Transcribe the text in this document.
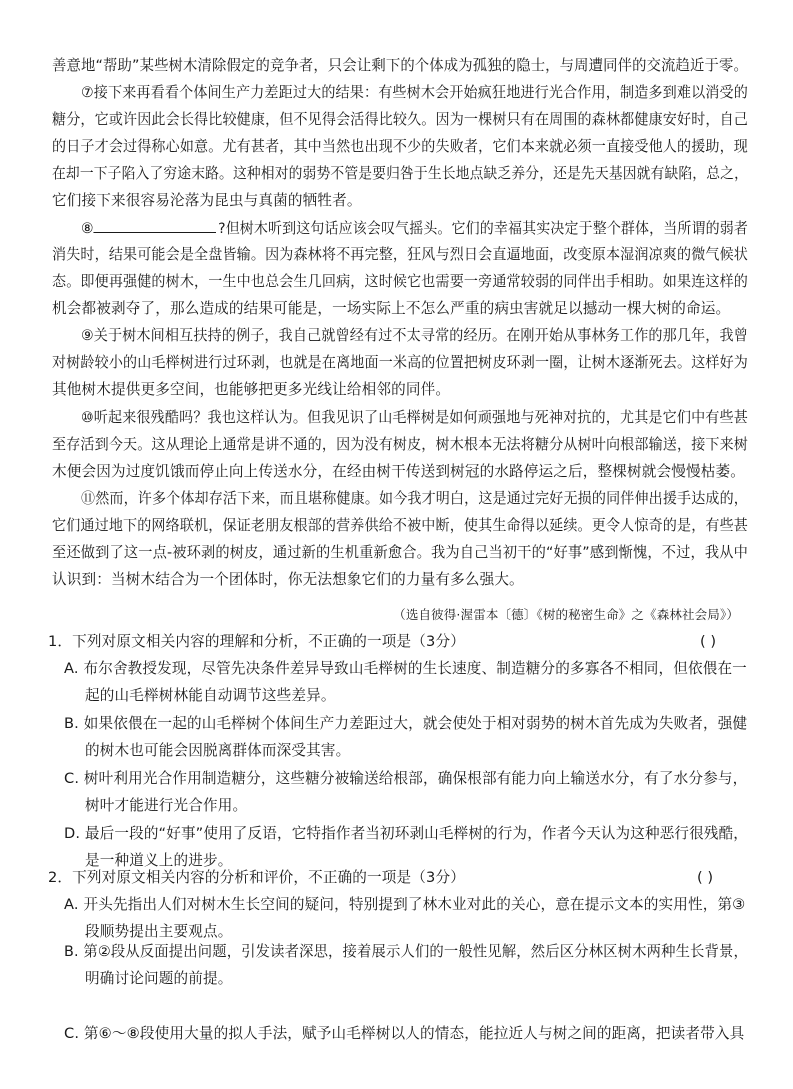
善意地“帮助”某些树木清除假定的竞争者，只会让剩下的个体成为孤独的隐士，与周遭同伴的交流趋近于零。
⑦接下来再看看个体间生产力差距过大的结果：有些树木会开始疯狂地进行光合作用，制造多到难以消受的
糖分，它或许因此会长得比较健康，但不见得会活得比较久。因为一棵树只有在周围的森林都健康安好时，自己
的日子才会过得称心如意。尤有甚者，其中当然也出现不少的失败者，它们本来就必须一直接受他人的援助，现
在却一下子陷入了穷途末路。这种相对的弱势不管是要归咎于生长地点缺乏养分，还是先天基因就有缺陷，总之，
它们接下来很容易沦落为昆虫与真菌的牺牲者。
⑧	?但树木听到这句话应该会叹气摇头。它们的幸福其实决定于整个群体，当所谓的弱者
消失时，结果可能会是全盘皆输。因为森林将不再完整，狂风与烈日会直逼地面，改变原本湿润凉爽的微气候状
态。即便再强健的树木，一生中也总会生几回病，这时候它也需要一旁通常较弱的同伴出手相助。如果连这样的
机会都被剥夺了，那么造成的结果可能是，一场实际上不怎么严重的病虫害就足以撼动一棵大树的命运。
⑨关于树木间相互扶持的例子，我自己就曾经有过不太寻常的经历。在刚开始从事林务工作的那几年，我曾
对树龄较小的山毛榉树进行过环剥，也就是在离地面一米高的位置把树皮环剥一圈，让树木逐渐死去。这样好为
其他树木提供更多空间，也能够把更多光线让给相邻的同伴。
⑩听起来很残酷吗？我也这样认为。但我见识了山毛榉树是如何顽强地与死神对抗的，尤其是它们中有些甚
至存活到今天。这从理论上通常是讲不通的，因为没有树皮，树木根本无法将糖分从树叶向根部输送，接下来树
木便会因为过度饥饿而停止向上传送水分，在经由树干传送到树冠的水路停运之后，整棵树就会慢慢枯萎。
⑪然而，许多个体却存活下来，而且堪称健康。如今我才明白，这是通过完好无损的同伴伸出援手达成的，
它们通过地下的网络联机，保证老朋友根部的营养供给不被中断，使其生命得以延续。更令人惊奇的是，有些甚
至还做到了这一点-被环剥的树皮，通过新的生机重新愈合。我为自己当初干的“好事”感到惭愧，不过，我从中
认识到：当树木结合为一个团体时，你无法想象它们的力量有多么强大。
（选自彼得·渥雷本〔德〕《树的秘密生命》之《森林社会局》）
1．下列对原文相关内容的理解和分析，不正确的一项是（3分）	( )
A. 布尔舍教授发现，尽管先决条件差异导致山毛榉树的生长速度、制造糖分的多寡各不相同，但依偎在一
起的山毛榉树林能自动调节这些差异。
B. 如果依偎在一起的山毛榉树个体间生产力差距过大，就会使处于相对弱势的树木首先成为失败者，强健
的树木也可能会因脱离群体而深受其害。
C. 树叶利用光合作用制造糖分，这些糖分被输送给根部，确保根部有能力向上输送水分，有了水分参与，
树叶才能进行光合作用。
D. 最后一段的“好事”使用了反语，它特指作者当初环剥山毛榉树的行为，作者今天认为这种恶行很残酷，
是一种道义上的进步。
2．下列对原文相关内容的分析和评价，不正确的一项是（3分）	( )
A. 开头先指出人们对树木生长空间的疑问，特别提到了林木业对此的关心，意在提示文本的实用性，第③
段顺势提出主要观点。
B. 第②段从反面提出问题，引发读者深思，接着展示人们的一般性见解，然后区分林区树木两种生长背景，
明确讨论问题的前提。
C. 第⑥～⑧段使用大量的拟人手法，赋予山毛榉树以人的情态，能拉近人与树之间的距离，把读者带入具
